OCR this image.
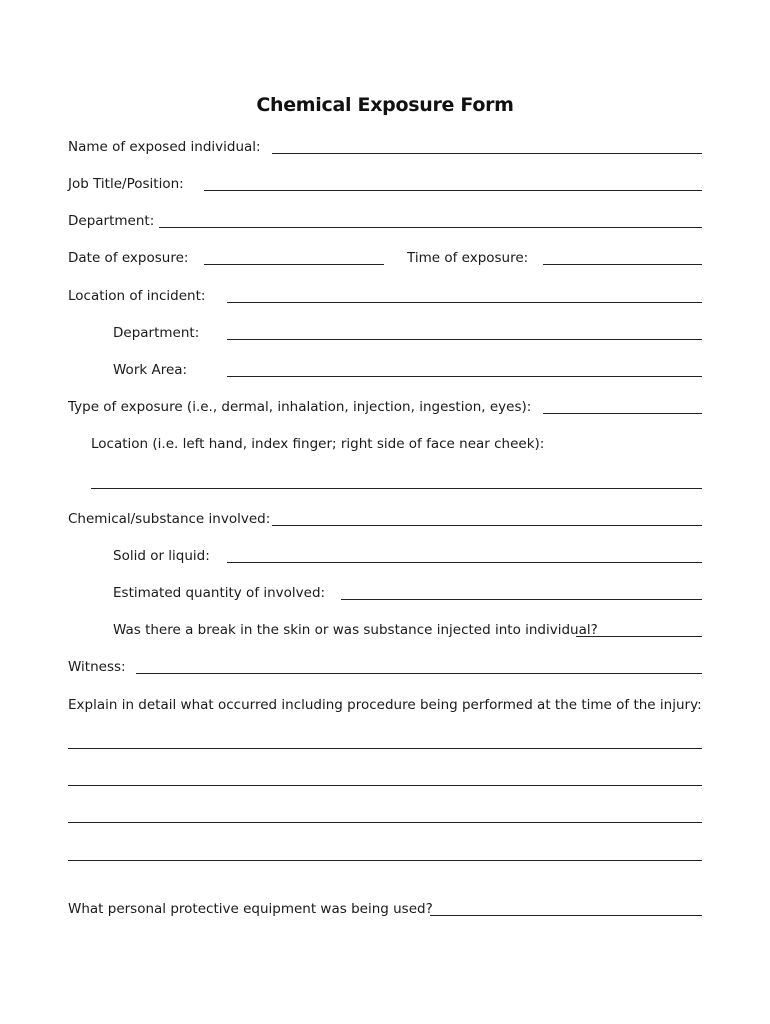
Chemical Exposure Form
Name of exposed individual:
Job Title/Position:
Department:
Date of exposure:	Time of exposure:
Location of incident:
Department:
Work Area:
Type of exposure (i.e., dermal, inhalation, injection, ingestion, eyes):
Location (i.e. left hand, index finger; right side of face near cheek):
Chemical/substance involved:
Solid or liquid:
Estimated quantity of involved:
Was there a break in the skin or was substance injected into individual?
Witness:
Explain in detail what occurred including procedure being performed at the time of the injury:
What personal protective equipment was being used?
